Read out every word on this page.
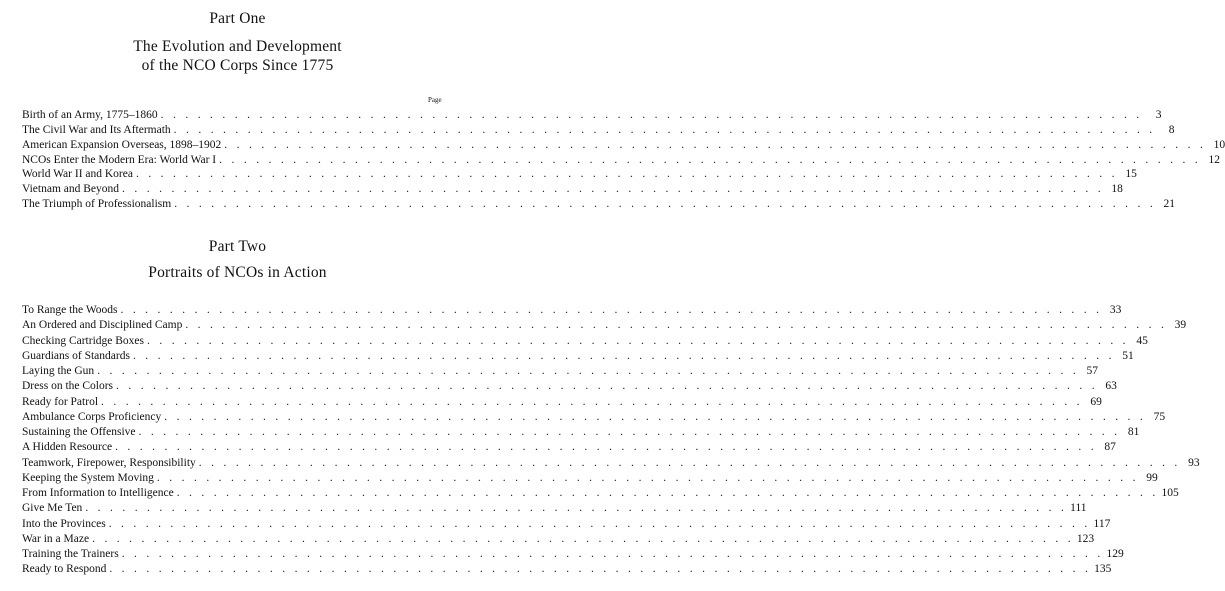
Part One
The Evolution and Development
of the NCO Corps Since 1775
Page
Birth of an Army, 1775–1860 . . . . . . . . . . . . . . . . . . . . . . . . . . . . . . . . . . . . . . . . . . . . . . . . . . . . . . . . . . . . . . . . . . . . . . . . . . . . . . . .	3
The Civil War and Its Aftermath . . . . . . . . . . . . . . . . . . . . . . . . . . . . . . . . . . . . . . . . . . . . . . . . . . . . . . . . . . . . . . . . . . . . . . . . . . . . . . . .	8
American Expansion Overseas, 1898–1902 . . . . . . . . . . . . . . . . . . . . . . . . . . . . . . . . . . . . . . . . . . . . . . . . . . . . . . . . . . . . . . . . . . . . . . . . . . . . . . . . 10
NCOs Enter the Modern Era: World War I . . . . . . . . . . . . . . . . . . . . . . . . . . . . . . . . . . . . . . . . . . . . . . . . . . . . . . . . . . . . . . . . . . . . . . . . . . . . . . . . 12
World War II and Korea . . . . . . . . . . . . . . . . . . . . . . . . . . . . . . . . . . . . . . . . . . . . . . . . . . . . . . . . . . . . . . . . . . . . . . . . . . . . . . . . 15
Vietnam and Beyond . . . . . . . . . . . . . . . . . . . . . . . . . . . . . . . . . . . . . . . . . . . . . . . . . . . . . . . . . . . . . . . . . . . . . . . . . . . . . . . . 18
The Triumph of Professionalism . . . . . . . . . . . . . . . . . . . . . . . . . . . . . . . . . . . . . . . . . . . . . . . . . . . . . . . . . . . . . . . . . . . . . . . . . . . . . . . . 21
Part Two
Portraits of NCOs in Action
To Range the Woods . . . . . . . . . . . . . . . . . . . . . . . . . . . . . . . . . . . . . . . . . . . . . . . . . . . . . . . . . . . . . . . . . . . . . . . . . . . . . . . . 33
An Ordered and Disciplined Camp . . . . . . . . . . . . . . . . . . . . . . . . . . . . . . . . . . . . . . . . . . . . . . . . . . . . . . . . . . . . . . . . . . . . . . . . . . . . . . . . 39
Checking Cartridge Boxes . . . . . . . . . . . . . . . . . . . . . . . . . . . . . . . . . . . . . . . . . . . . . . . . . . . . . . . . . . . . . . . . . . . . . . . . . . . . . . . . 45
Guardians of Standards . . . . . . . . . . . . . . . . . . . . . . . . . . . . . . . . . . . . . . . . . . . . . . . . . . . . . . . . . . . . . . . . . . . . . . . . . . . . . . . . 51
Laying the Gun . . . . . . . . . . . . . . . . . . . . . . . . . . . . . . . . . . . . . . . . . . . . . . . . . . . . . . . . . . . . . . . . . . . . . . . . . . . . . . . . 57
Dress on the Colors . . . . . . . . . . . . . . . . . . . . . . . . . . . . . . . . . . . . . . . . . . . . . . . . . . . . . . . . . . . . . . . . . . . . . . . . . . . . . . . . 63
Ready for Patrol . . . . . . . . . . . . . . . . . . . . . . . . . . . . . . . . . . . . . . . . . . . . . . . . . . . . . . . . . . . . . . . . . . . . . . . . . . . . . . . . 69
Ambulance Corps Proficiency . . . . . . . . . . . . . . . . . . . . . . . . . . . . . . . . . . . . . . . . . . . . . . . . . . . . . . . . . . . . . . . . . . . . . . . . . . . . . . . . 75
Sustaining the Offensive . . . . . . . . . . . . . . . . . . . . . . . . . . . . . . . . . . . . . . . . . . . . . . . . . . . . . . . . . . . . . . . . . . . . . . . . . . . . . . . . 81
A Hidden Resource . . . . . . . . . . . . . . . . . . . . . . . . . . . . . . . . . . . . . . . . . . . . . . . . . . . . . . . . . . . . . . . . . . . . . . . . . . . . . . . . 87
Teamwork, Firepower, Responsibility . . . . . . . . . . . . . . . . . . . . . . . . . . . . . . . . . . . . . . . . . . . . . . . . . . . . . . . . . . . . . . . . . . . . . . . . . . . . . . . . 93
Keeping the System Moving . . . . . . . . . . . . . . . . . . . . . . . . . . . . . . . . . . . . . . . . . . . . . . . . . . . . . . . . . . . . . . . . . . . . . . . . . . . . . . . . 99
From Information to Intelligence . . . . . . . . . . . . . . . . . . . . . . . . . . . . . . . . . . . . . . . . . . . . . . . . . . . . . . . . . . . . . . . . . . . . . . . . . . . . . . . . 105
Give Me Ten . . . . . . . . . . . . . . . . . . . . . . . . . . . . . . . . . . . . . . . . . . . . . . . . . . . . . . . . . . . . . . . . . . . . . . . . . . . . . . . . 111
Into the Provinces . . . . . . . . . . . . . . . . . . . . . . . . . . . . . . . . . . . . . . . . . . . . . . . . . . . . . . . . . . . . . . . . . . . . . . . . . . . . . . . . 117
War in a Maze . . . . . . . . . . . . . . . . . . . . . . . . . . . . . . . . . . . . . . . . . . . . . . . . . . . . . . . . . . . . . . . . . . . . . . . . . . . . . . . . 123
Training the Trainers . . . . . . . . . . . . . . . . . . . . . . . . . . . . . . . . . . . . . . . . . . . . . . . . . . . . . . . . . . . . . . . . . . . . . . . . . . . . . . . . 129
Ready to Respond . . . . . . . . . . . . . . . . . . . . . . . . . . . . . . . . . . . . . . . . . . . . . . . . . . . . . . . . . . . . . . . . . . . . . . . . . . . . . . . . 135
